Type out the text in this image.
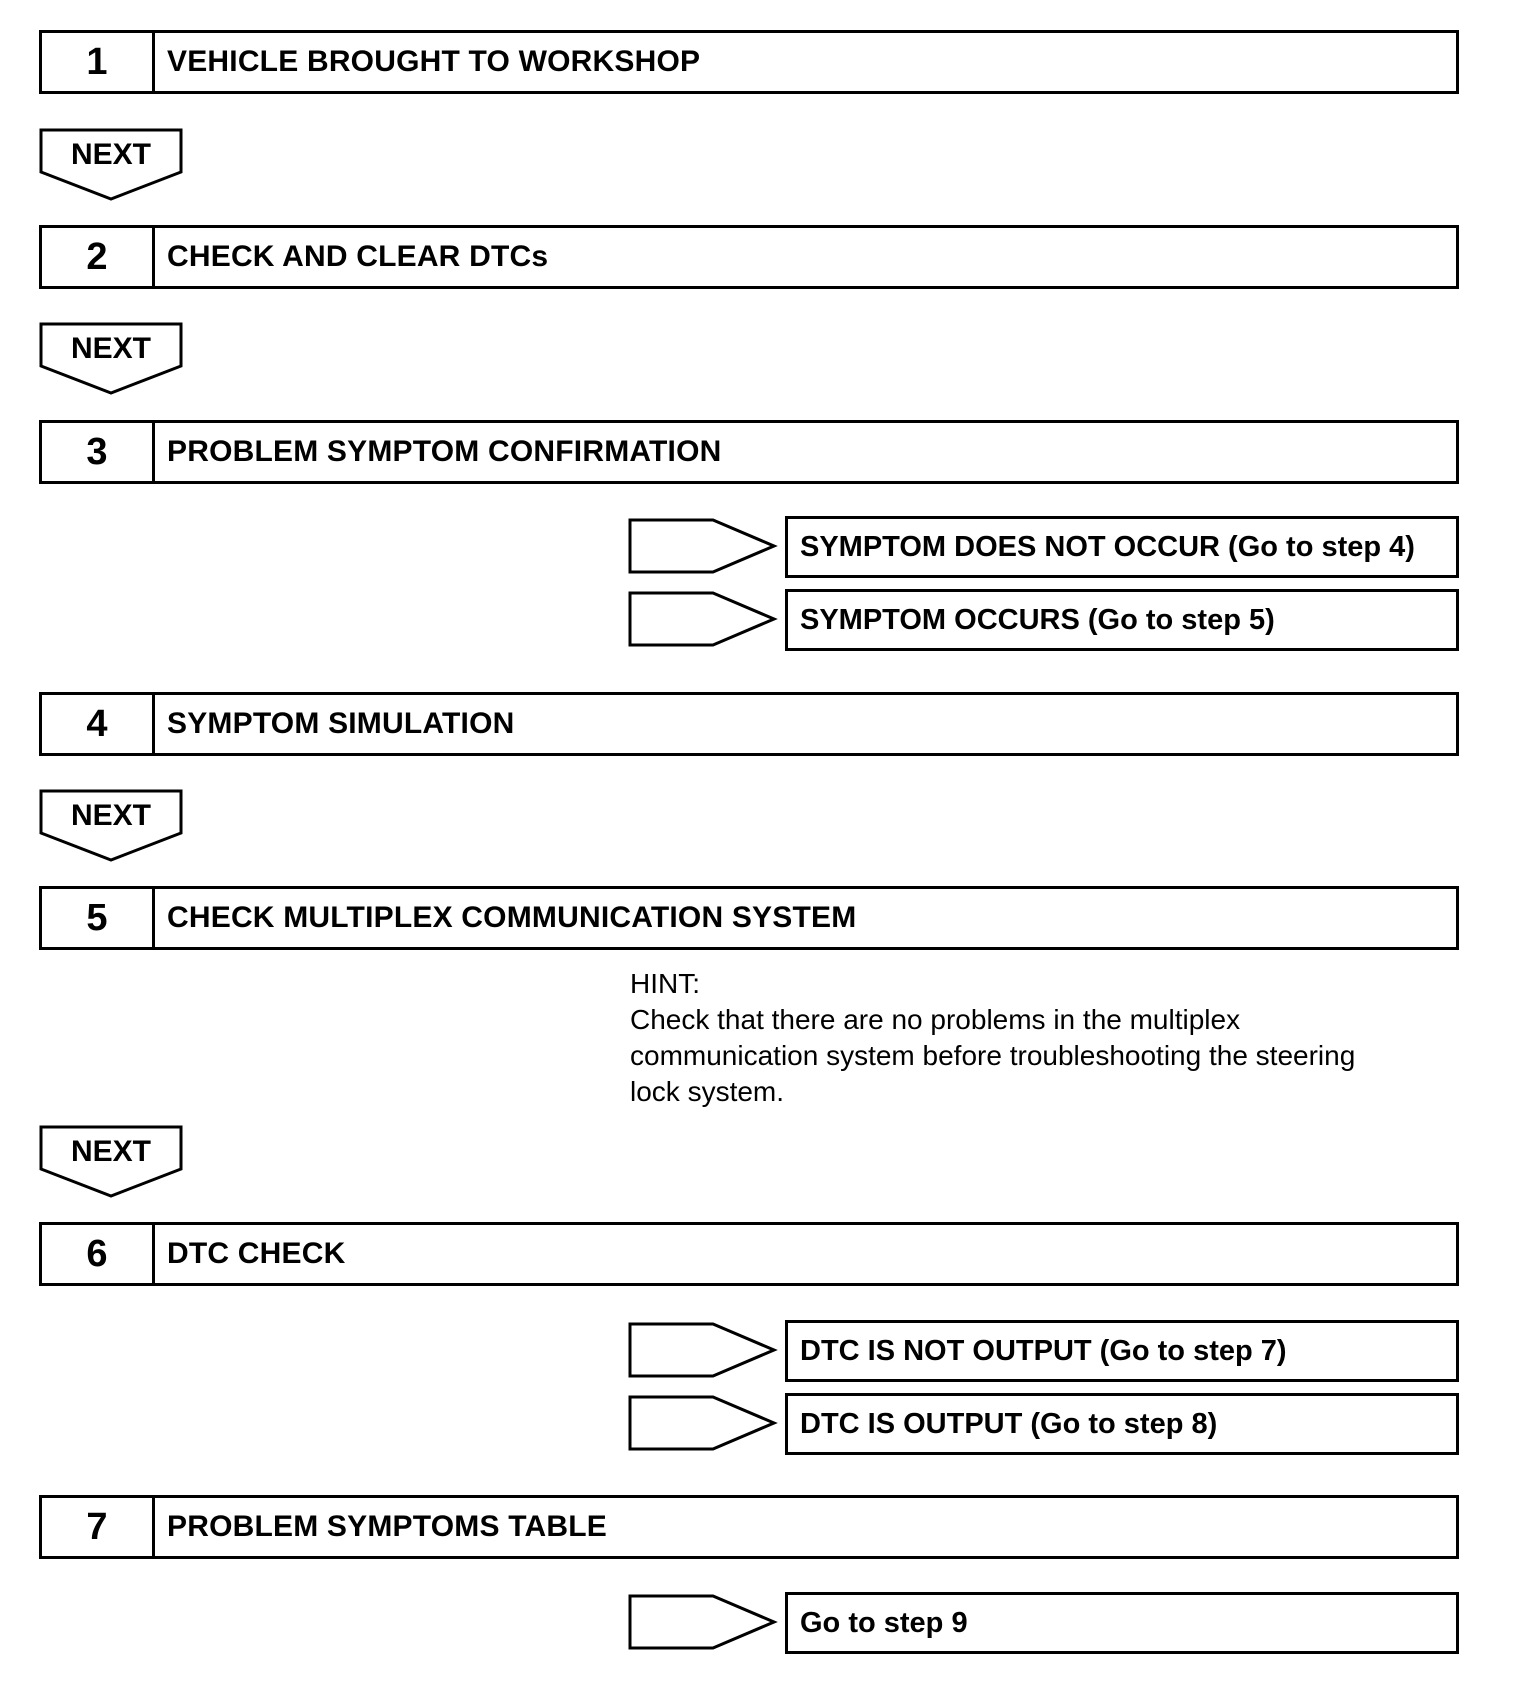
1	VEHICLE BROUGHT TO WORKSHOP
NEXT
2	CHECK AND CLEAR DTCs
NEXT
3	PROBLEM SYMPTOM CONFIRMATION
SYMPTOM DOES NOT OCCUR (Go to step 4)
SYMPTOM OCCURS (Go to step 5)
4	SYMPTOM SIMULATION
NEXT
5	CHECK MULTIPLEX COMMUNICATION SYSTEM
HINT:
Check that there are no problems in the multiplex
communication system before troubleshooting the steering
lock system.
NEXT
6	DTC CHECK
DTC IS NOT OUTPUT (Go to step 7)
DTC IS OUTPUT (Go to step 8)
7	PROBLEM SYMPTOMS TABLE
Go to step 9
